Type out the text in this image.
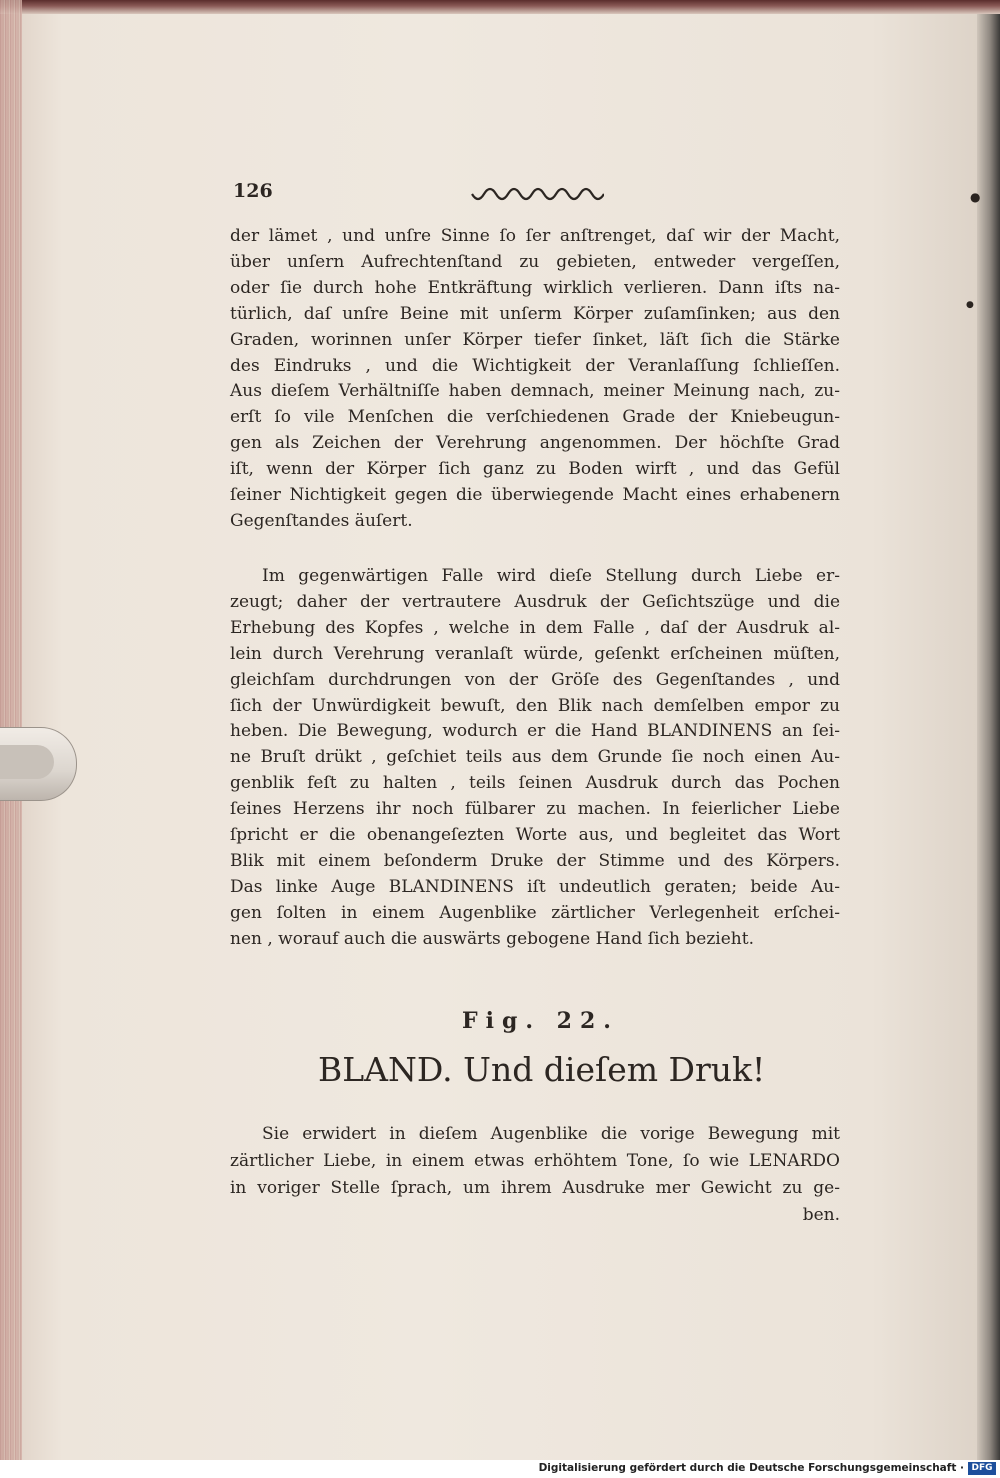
●
●
126
der lämet , und unſre Sinne ſo ſer anſtrenget, daſ wir der Macht,
über unſern Aufrechtenſtand zu gebieten, entweder vergeſſen,
oder ſie durch hohe Entkräftung wirklich verlieren. Dann iſts na-
türlich, daſ unſre Beine mit unſerm Körper zuſamſinken; aus den
Graden, worinnen unſer Körper tiefer ſinket, läſt ſich die Stärke
des Eindruks , und die Wichtigkeit der Veranlaſſung ſchlieſſen.
Aus dieſem Verhältniſſe haben demnach, meiner Meinung nach, zu-
erſt ſo vile Menſchen die verſchiedenen Grade der Kniebeugun-
gen als Zeichen der Verehrung angenommen. Der höchſte Grad
iſt, wenn der Körper ſich ganz zu Boden wirft , und das Gefül
ſeiner Nichtigkeit gegen die überwiegende Macht eines erhabenern
Gegenſtandes äuſert.
Im gegenwärtigen Falle wird dieſe Stellung durch Liebe er-
zeugt; daher der vertrautere Ausdruk der Geſichtszüge und die
Erhebung des Kopfes , welche in dem Falle , daſ der Ausdruk al-
lein durch Verehrung veranlaſt würde, geſenkt erſcheinen müſten,
gleichſam durchdrungen von der Gröſe des Gegenſtandes , und
ſich der Unwürdigkeit bewuſt, den Blik nach demſelben empor zu
heben. Die Bewegung, wodurch er die Hand BLANDINENS an ſei-
ne Bruſt drükt , geſchiet teils aus dem Grunde ſie noch einen Au-
genblik feſt zu halten , teils ſeinen Ausdruk durch das Pochen
ſeines Herzens ihr noch fülbarer zu machen. In feierlicher Liebe
ſpricht er die obenangeſezten Worte aus, und begleitet das Wort
Blik mit einem beſonderm Druke der Stimme und des Körpers.
Das linke Auge BLANDINENS iſt undeutlich geraten; beide Au-
gen ſolten in einem Augenblike zärtlicher Verlegenheit erſchei-
nen , worauf auch die auswärts gebogene Hand ſich bezieht.
Fig. 22.
BLAND. Und dieſem Druk!
Sie erwidert in dieſem Augenblike die vorige Bewegung mit
zärtlicher Liebe, in einem etwas erhöhtem Tone, ſo wie LENARDO
in voriger Stelle ſprach, um ihrem Ausdruke mer Gewicht zu ge-
ben.
Digitalisierung gefördert durch die Deutsche Forschungsgemeinschaft · DFG
